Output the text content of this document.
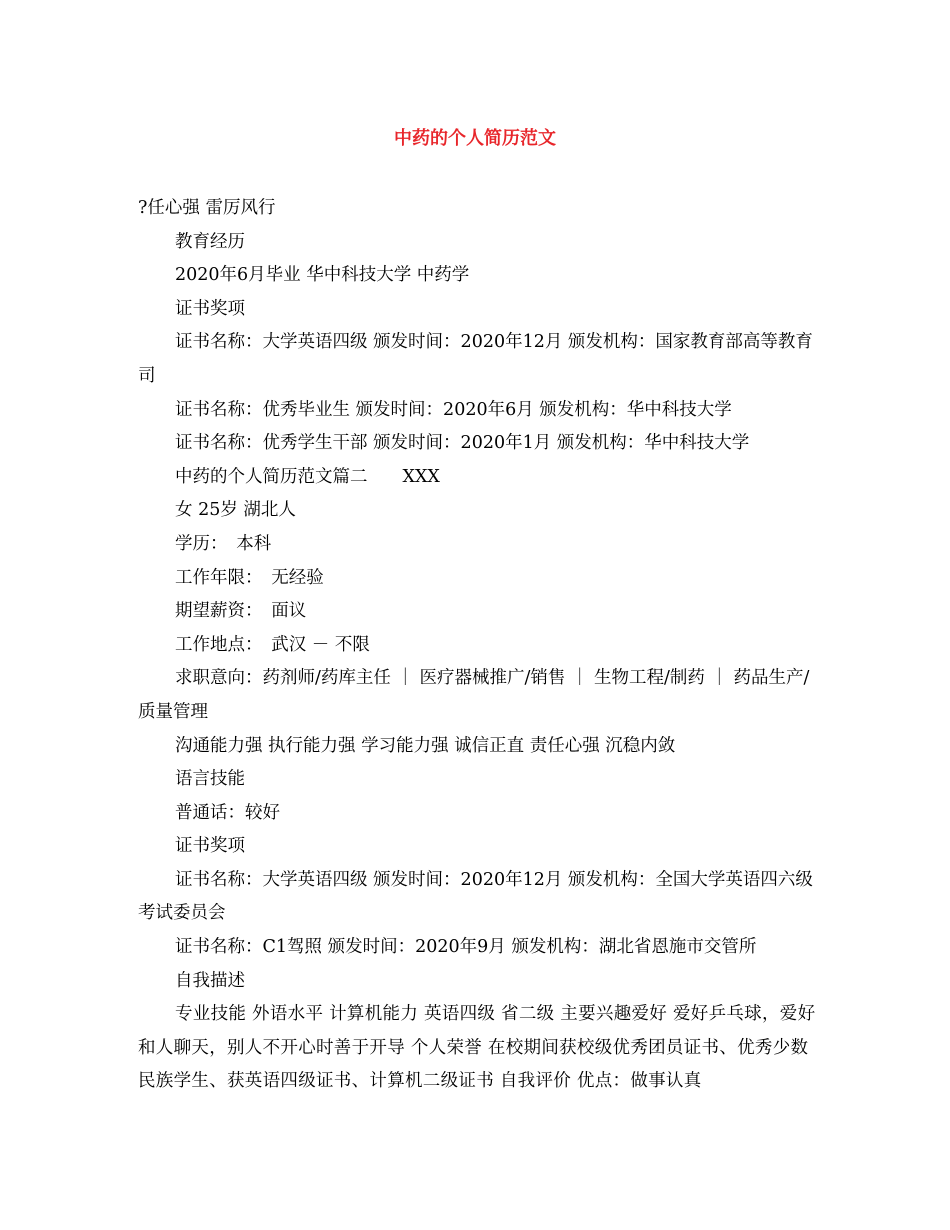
中药的个人简历范文

?任心强 雷厉风行

教育经历

2020年6月毕业 华中科技大学 中药学

证书奖项

证书名称：大学英语四级 颁发时间：2020年12月 颁发机构：国家教育部高等教育司

证书名称：优秀毕业生 颁发时间：2020年6月 颁发机构：华中科技大学

证书名称：优秀学生干部 颁发时间：2020年1月 颁发机构：华中科技大学

中药的个人简历范文篇二　　XXX

女 25岁 湖北人

学历：　本科

工作年限：　无经验

期望薪资：　面议

工作地点：　武汉 － 不限

求职意向：药剂师/药库主任 ｜ 医疗器械推广/销售 ｜ 生物工程/制药 ｜ 药品生产/质量管理

沟通能力强 执行能力强 学习能力强 诚信正直 责任心强 沉稳内敛

语言技能

普通话：较好

证书奖项

证书名称：大学英语四级 颁发时间：2020年12月 颁发机构：全国大学英语四六级考试委员会

证书名称：C1驾照 颁发时间：2020年9月 颁发机构：湖北省恩施市交管所

自我描述

专业技能 外语水平 计算机能力 英语四级 省二级 主要兴趣爱好 爱好乒乓球，爱好和人聊天，别人不开心时善于开导 个人荣誉 在校期间获校级优秀团员证书、优秀少数民族学生、获英语四级证书、计算机二级证书 自我评价 优点：做事认真
